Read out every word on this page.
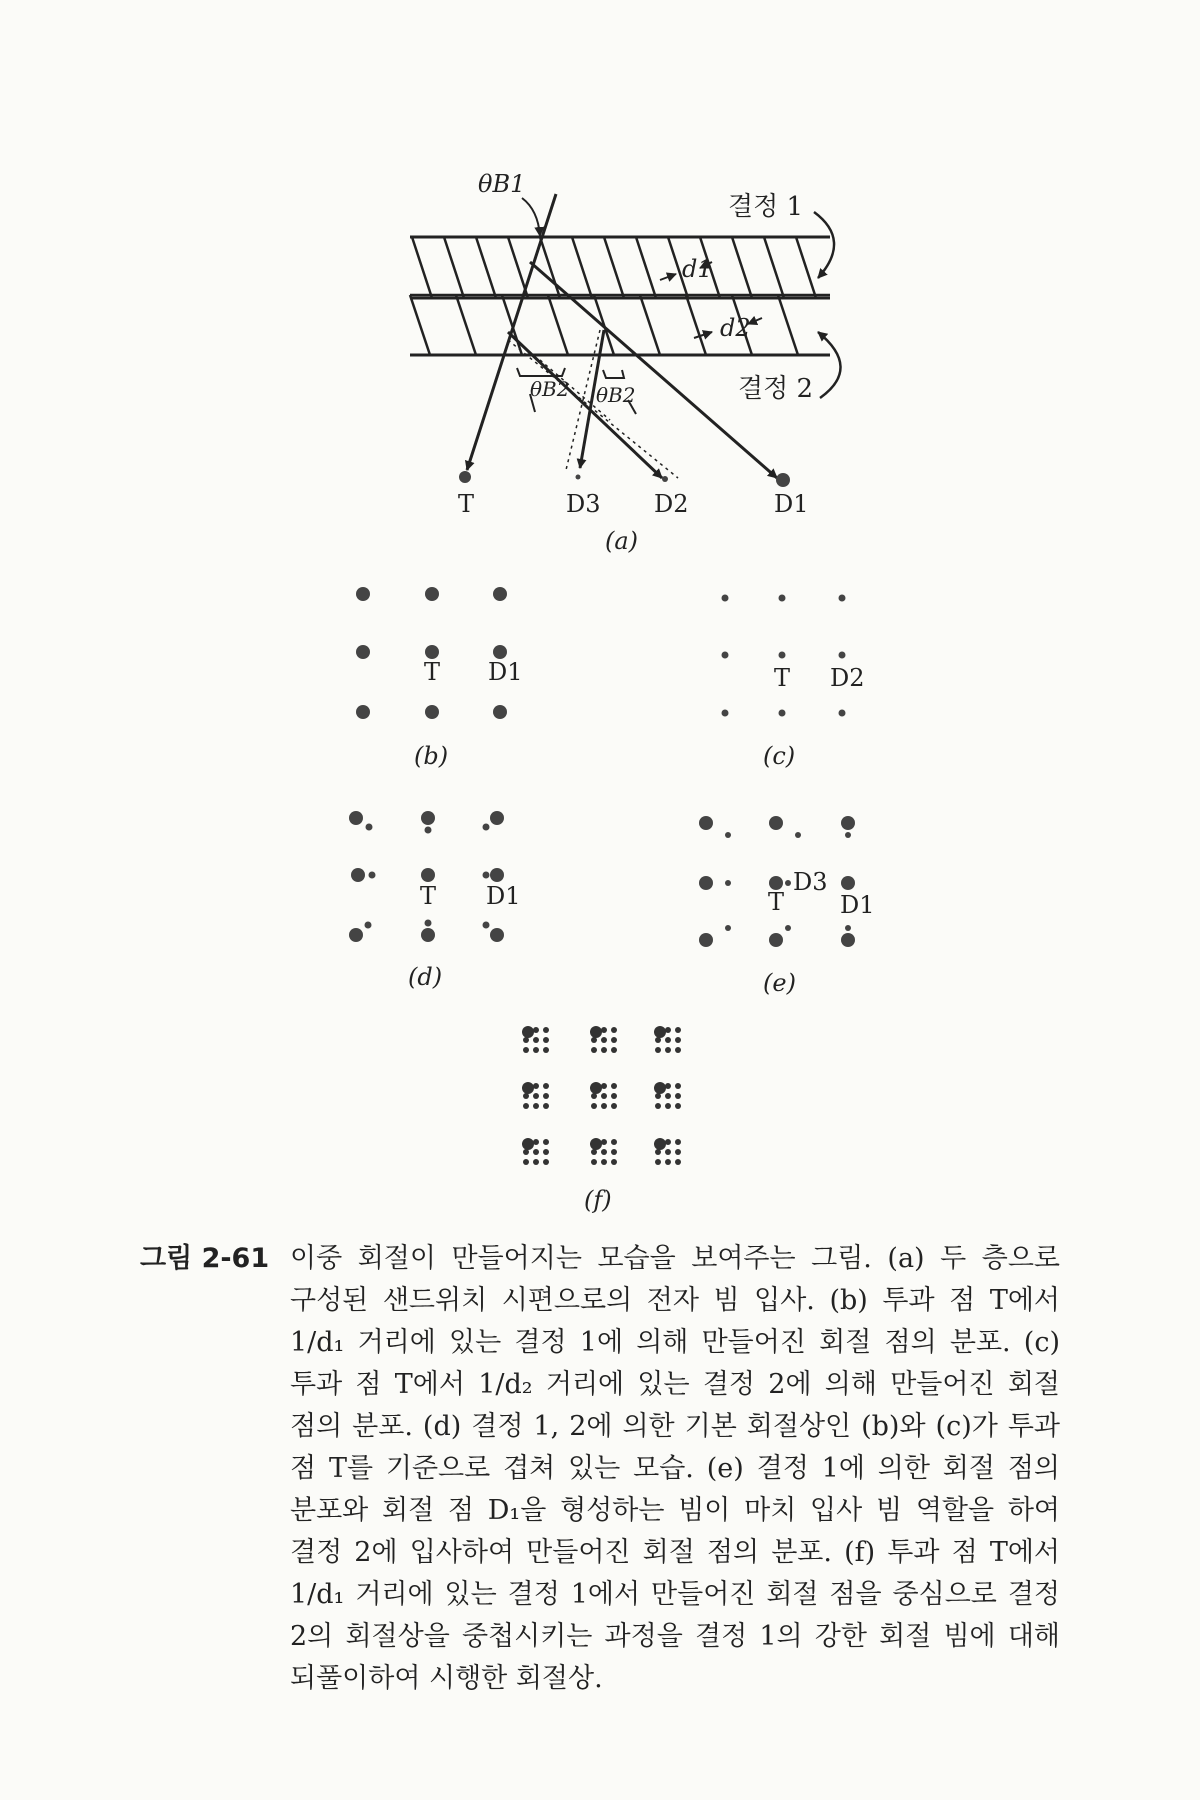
θB1
결정 1
결정 2
d1
d2
θB2 θB2
T	D3 D2	D1
(a)
T D1
(b)
T D2
(c)
T D1
(d)
D3
T D1
(e)
(f)
그림 2-61 이중 회절이 만들어지는 모습을 보여주는 그림. (a) 두 층으로 구성된 샌드위치 시편으로의 전자 빔 입사. (b) 투과 점 T에서 1/d₁ 거리에 있는 결정 1에 의해 만들어진 회절 점의 분포. (c) 투과 점 T에서 1/d₂ 거리에 있는 결정 2에 의해 만들어진 회절 점의 분포. (d) 결정 1, 2에 의한 기본 회절상인 (b)와 (c)가 투과 점 T를 기준으로 겹쳐 있는 모습. (e) 결정 1에 의한 회절 점의 분포와 회절 점 D₁을 형성하는 빔이 마치 입사 빔 역할을 하여 결정 2에 입사하여 만들어진 회절 점의 분포. (f) 투과 점 T에서 1/d₁ 거리에 있는 결정 1에서 만들어진 회절 점을 중심으로 결정 2의 회절상을 중첩시키는 과정을 결정 1의 강한 회절 빔에 대해 되풀이하여 시행한 회절상.
